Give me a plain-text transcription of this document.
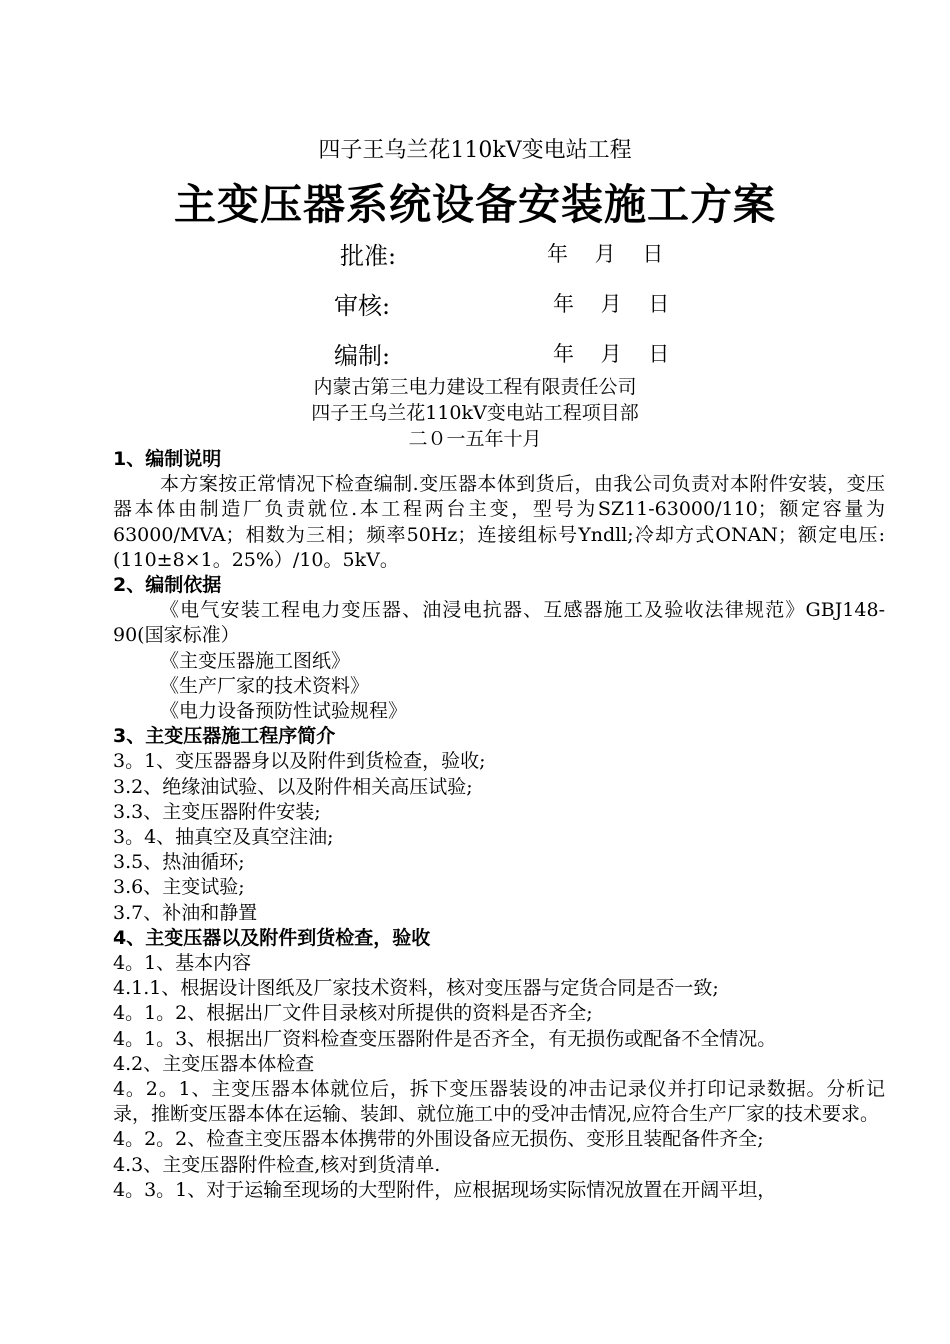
四子王乌兰花110kV变电站工程
主变压器系统设备安装施工方案
批准:	年 月 日
审核:	年 月 日
编制:	年 月 日
内蒙古第三电力建设工程有限责任公司
四子王乌兰花110kV变电站工程项目部
二０一五年十月
1、编制说明
本方案按正常情况下检查编制.变压器本体到货后，由我公司负责对本附件安装，变压器本体由制造厂负责就位.本工程两台主变，型号为SZ11-63000/110；额定容量为63000/MVA；相数为三相；频率50Hz；连接组标号Yndll;冷却方式ONAN；额定电压:(110±8×1。25%）/10。5kV。
2、编制依据
《电气安装工程电力变压器、油浸电抗器、互感器施工及验收法律规范》GBJ148-90(国家标准）
《主变压器施工图纸》
《生产厂家的技术资料》
《电力设备预防性试验规程》
3、主变压器施工程序简介
3。1、变压器器身以及附件到货检查，验收;
3.2、绝缘油试验、以及附件相关高压试验;
3.3、主变压器附件安装;
3。4、抽真空及真空注油;
3.5、热油循环;
3.6、主变试验;
3.7、补油和静置
4、主变压器以及附件到货检查，验收
4。1、基本内容
4.1.1、根据设计图纸及厂家技术资料，核对变压器与定货合同是否一致;
4。1。2、根据出厂文件目录核对所提供的资料是否齐全;
4。1。3、根据出厂资料检查变压器附件是否齐全，有无损伤或配备不全情况。
4.2、主变压器本体检查
4。2。1、主变压器本体就位后，拆下变压器装设的冲击记录仪并打印记录数据。分析记录，推断变压器本体在运输、装卸、就位施工中的受冲击情况,应符合生产厂家的技术要求。
4。2。2、检查主变压器本体携带的外围设备应无损伤、变形且装配备件齐全;
4.3、主变压器附件检查,核对到货清单.
4。3。1、对于运输至现场的大型附件，应根据现场实际情况放置在开阔平坦，
